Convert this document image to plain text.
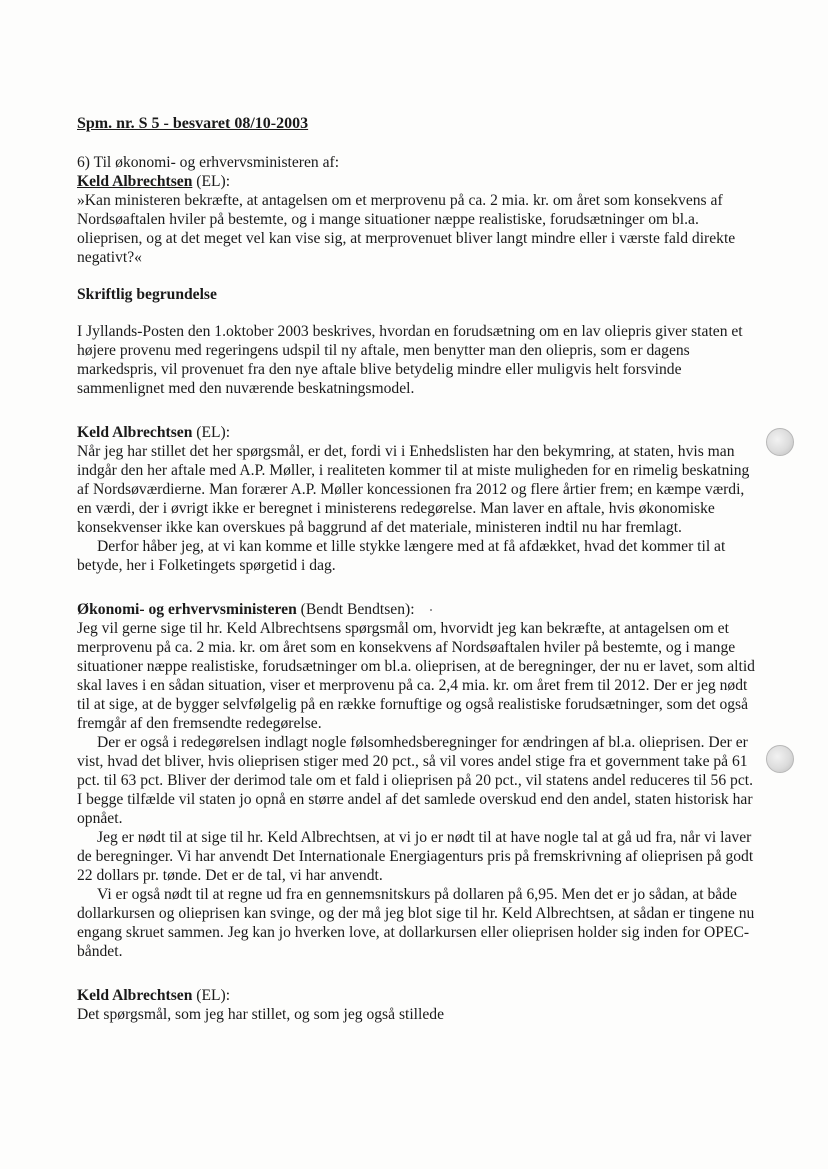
Spm. nr. S 5 - besvaret 08/10-2003

6) Til økonomi- og erhvervsministeren af:

Keld Albrechtsen (EL):

»Kan ministeren bekræfte, at antagelsen om et merprovenu på ca. 2 mia. kr. om året som konsekvens af Nordsøaftalen hviler på bestemte, og i mange situationer næppe realistiske, forudsætninger om bl.a. olieprisen, og at det meget vel kan vise sig, at merprovenuet bliver langt mindre eller i værste fald direkte negativt?«

Skriftlig begrundelse

I Jyllands-Posten den 1.oktober 2003 beskrives, hvordan en forudsætning om en lav oliepris giver staten et højere provenu med regeringens udspil til ny aftale, men benytter man den oliepris, som er dagens markedspris, vil provenuet fra den nye aftale blive betydelig mindre eller muligvis helt forsvinde sammenlignet med den nuværende beskatningsmodel.

Keld Albrechtsen (EL):

Når jeg har stillet det her spørgsmål, er det, fordi vi i Enhedslisten har den bekymring, at staten, hvis man indgår den her aftale med A.P. Møller, i realiteten kommer til at miste muligheden for en rimelig beskatning af Nordsøværdierne. Man forærer A.P. Møller koncessionen fra 2012 og flere årtier frem; en kæmpe værdi, en værdi, der i øvrigt ikke er beregnet i ministerens redegørelse. Man laver en aftale, hvis økonomiske konsekvenser ikke kan overskues på baggrund af det materiale, ministeren indtil nu har fremlagt.

Derfor håber jeg, at vi kan komme et lille stykke længere med at få afdækket, hvad det kommer til at betyde, her i Folketingets spørgetid i dag.

Økonomi- og erhvervsministeren (Bendt Bendtsen):

Jeg vil gerne sige til hr. Keld Albrechtsens spørgsmål om, hvorvidt jeg kan bekræfte, at antagelsen om et merprovenu på ca. 2 mia. kr. om året som en konsekvens af Nordsøaftalen hviler på bestemte, og i mange situationer næppe realistiske, forudsætninger om bl.a. olieprisen, at de beregninger, der nu er lavet, som altid skal laves i en sådan situation, viser et merprovenu på ca. 2,4 mia. kr. om året frem til 2012. Der er jeg nødt til at sige, at de bygger selvfølgelig på en række fornuftige og også realistiske forudsætninger, som det også fremgår af den fremsendte redegørelse.

Der er også i redegørelsen indlagt nogle følsomhedsberegninger for ændringen af bl.a. olieprisen. Der er vist, hvad det bliver, hvis olieprisen stiger med 20 pct., så vil vores andel stige fra et government take på 61 pct. til 63 pct. Bliver der derimod tale om et fald i olieprisen på 20 pct., vil statens andel reduceres til 56 pct. I begge tilfælde vil staten jo opnå en større andel af det samlede overskud end den andel, staten historisk har opnået.

Jeg er nødt til at sige til hr. Keld Albrechtsen, at vi jo er nødt til at have nogle tal at gå ud fra, når vi laver de beregninger. Vi har anvendt Det Internationale Energiagenturs pris på fremskrivning af olieprisen på godt 22 dollars pr. tønde. Det er de tal, vi har anvendt.

Vi er også nødt til at regne ud fra en gennemsnitskurs på dollaren på 6,95. Men det er jo sådan, at både dollarkursen og olieprisen kan svinge, og der må jeg blot sige til hr. Keld Albrechtsen, at sådan er tingene nu engang skruet sammen. Jeg kan jo hverken love, at dollarkursen eller olieprisen holder sig inden for OPEC-båndet.

Keld Albrechtsen (EL):

Det spørgsmål, som jeg har stillet, og som jeg også stillede
